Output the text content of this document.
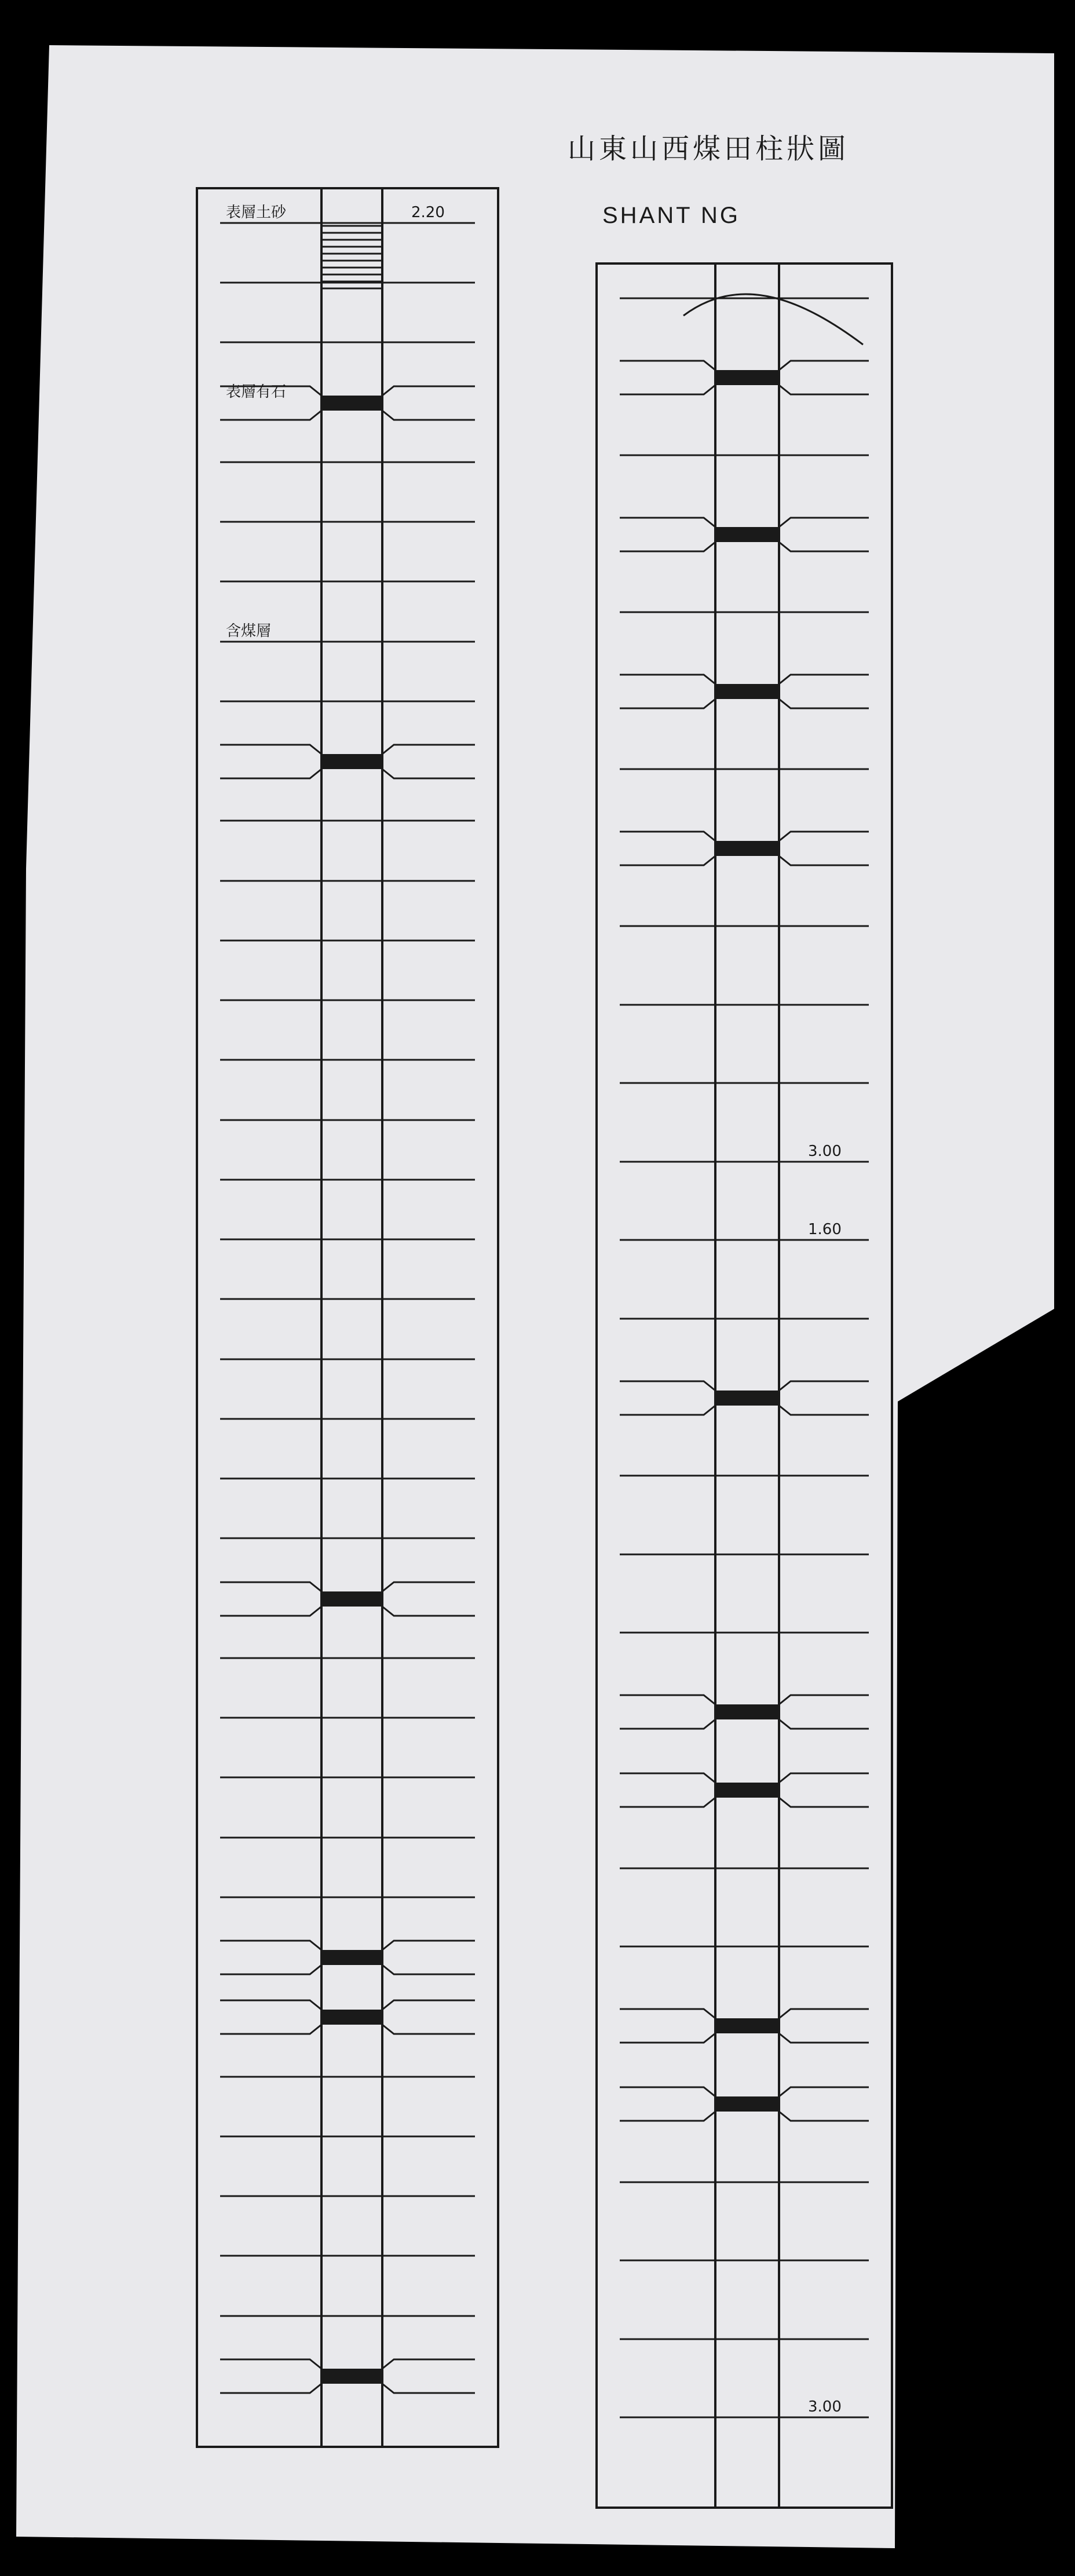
山東山西煤田柱狀圖
SHANT NG
表層土砂	2.20
表層有石
含煤層
3.00
1.60
3.00
